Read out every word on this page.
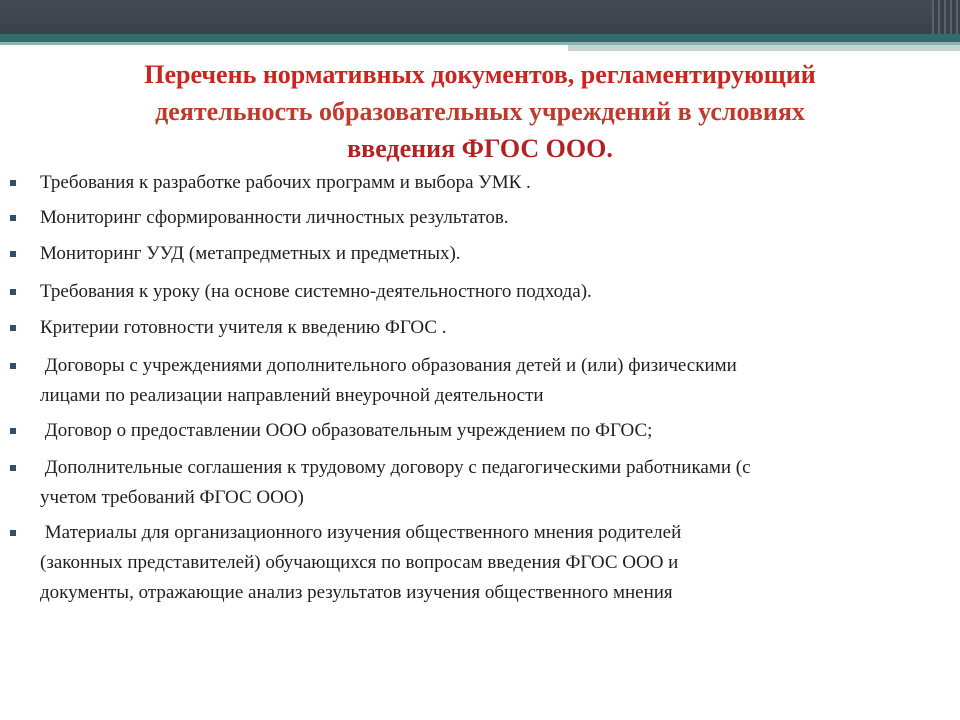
Перечень нормативных документов, регламентирующий
деятельность образовательных учреждений в условиях
введения ФГОС ООО.
Требования к разработке рабочих программ и выбора УМК .
Мониторинг сформированности личностных результатов.
Мониторинг УУД (метапредметных и предметных).
Требования к уроку (на основе системно-деятельностного подхода).
Критерии готовности учителя к введению ФГОС .
Договоры с учреждениями дополнительного образования детей и (или) физическими
лицами по реализации направлений внеурочной деятельности
Договор о предоставлении ООО образовательным учреждением по ФГОС;
Дополнительные соглашения к трудовому договору с педагогическими работниками (с
учетом требований ФГОС ООО)
Материалы для организационного изучения общественного мнения родителей
(законных представителей) обучающихся по вопросам введения ФГОС ООО и
документы, отражающие анализ результатов изучения общественного мнения
